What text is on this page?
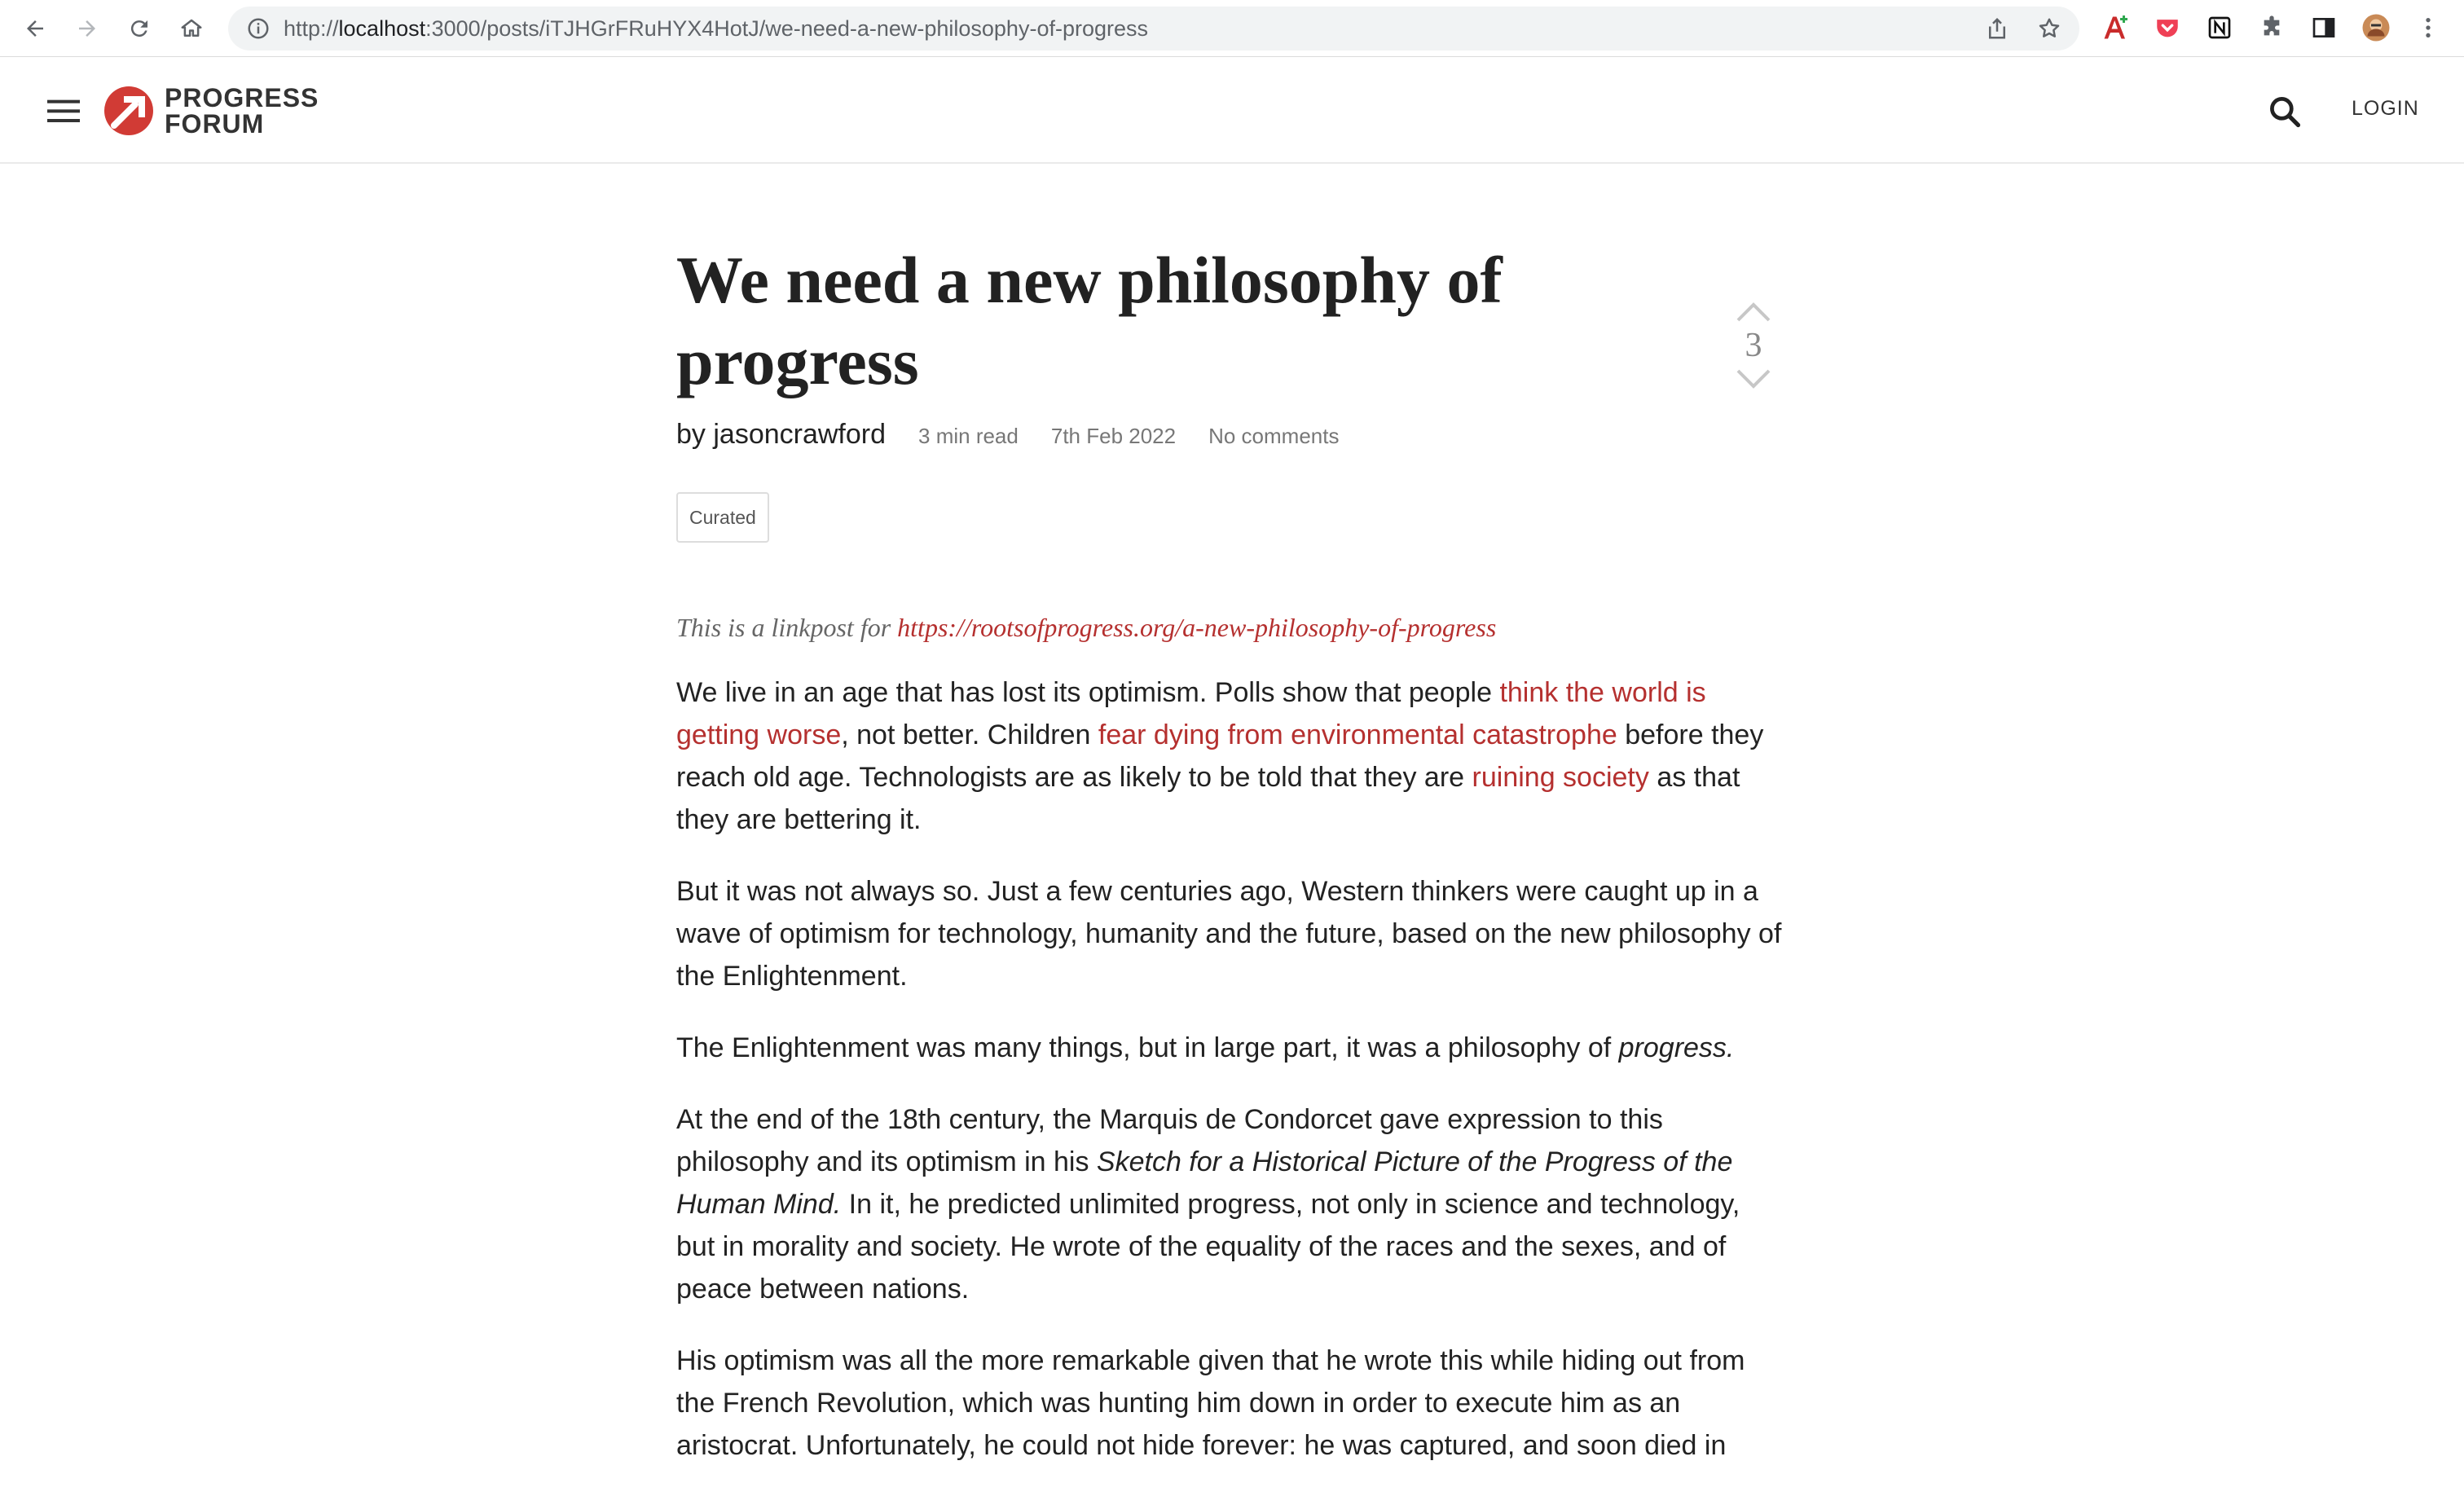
http://localhost:3000/posts/iTJHGrFRuHYX4HotJ/we-need-a-new-philosophy-of-progress
PROGRESS
FORUM
LOGIN
We need a new philosophy of progress	3
by jasoncrawford 3 min read 7th Feb 2022 No comments
Curated
This is a linkpost for https://rootsofprogress.org/a-new-philosophy-of-progress

We live in an age that has lost its optimism. Polls show that people think the world is getting worse, not better. Children fear dying from environmental catastrophe before they reach old age. Technologists are as likely to be told that they are ruining society as that they are bettering it.

But it was not always so. Just a few centuries ago, Western thinkers were caught up in a wave of optimism for technology, humanity and the future, based on the new philosophy of the Enlightenment.

The Enlightenment was many things, but in large part, it was a philosophy of progress.

At the end of the 18th century, the Marquis de Condorcet gave expression to this philosophy and its optimism in his Sketch for a Historical Picture of the Progress of the Human Mind. In it, he predicted unlimited progress, not only in science and technology, but in morality and society. He wrote of the equality of the races and the sexes, and of peace between nations.

His optimism was all the more remarkable given that he wrote this while hiding out from the French Revolution, which was hunting him down in order to execute him as an aristocrat. Unfortunately, he could not hide forever: he was captured, and soon died in
